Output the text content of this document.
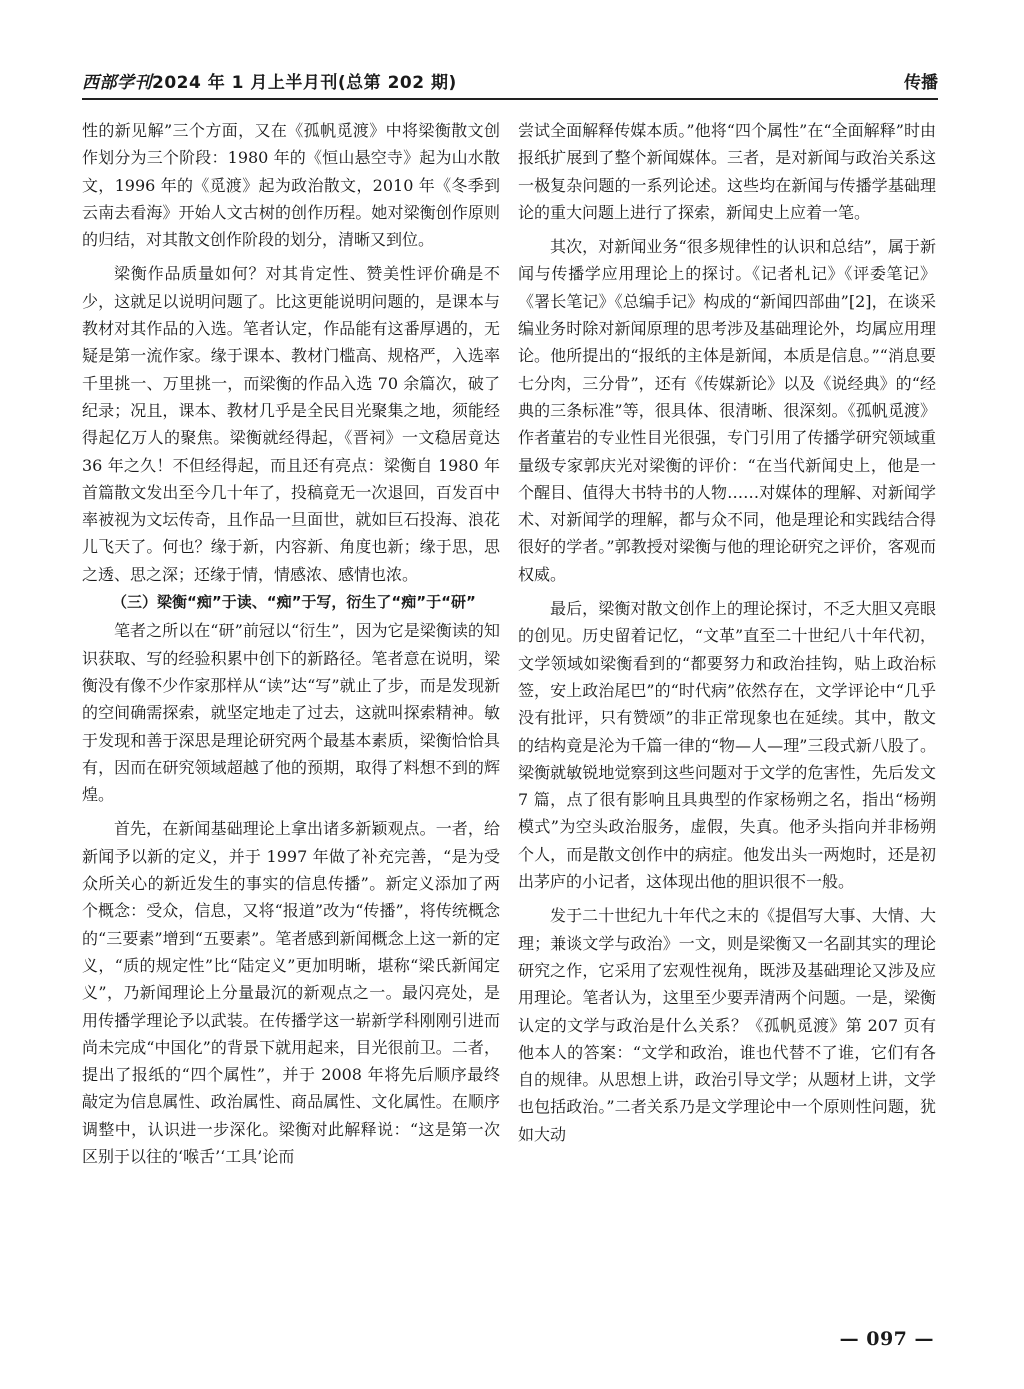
西部学刊2024 年 1 月上半月刊(总第 202 期)	传播

性的新见解”三个方面，又在《孤帆觅渡》中将梁衡散文创作划分为三个阶段：1980 年的《恒山悬空寺》起为山水散文，1996 年的《觅渡》起为政治散文，2010 年《冬季到云南去看海》开始人文古树的创作历程。她对梁衡创作原则的归结，对其散文创作阶段的划分，清晰又到位。

梁衡作品质量如何？对其肯定性、赞美性评价确是不少，这就足以说明问题了。比这更能说明问题的，是课本与教材对其作品的入选。笔者认定，作品能有这番厚遇的，无疑是第一流作家。缘于课本、教材门槛高、规格严，入选率千里挑一、万里挑一，而梁衡的作品入选 70 余篇次，破了纪录；况且，课本、教材几乎是全民目光聚集之地，须能经得起亿万人的聚焦。梁衡就经得起，《晋祠》一文稳居竟达 36 年之久！不但经得起，而且还有亮点：梁衡自 1980 年首篇散文发出至今几十年了，投稿竟无一次退回，百发百中率被视为文坛传奇，且作品一旦面世，就如巨石投海、浪花儿飞天了。何也？缘于新，内容新、角度也新；缘于思，思之透、思之深；还缘于情，情感浓、感情也浓。

（三）梁衡“痴”于读、“痴”于写，衍生了“痴”于“研”

笔者之所以在“研”前冠以“衍生”，因为它是梁衡读的知识获取、写的经验积累中创下的新路径。笔者意在说明，梁衡没有像不少作家那样从“读”达“写”就止了步，而是发现新的空间确需探索，就坚定地走了过去，这就叫探索精神。敏于发现和善于深思是理论研究两个最基本素质，梁衡恰恰具有，因而在研究领域超越了他的预期，取得了料想不到的辉煌。

首先，在新闻基础理论上拿出诸多新颖观点。一者，给新闻予以新的定义，并于 1997 年做了补充完善，“是为受众所关心的新近发生的事实的信息传播”。新定义添加了两个概念：受众，信息，又将“报道”改为“传播”，将传统概念的“三要素”增到“五要素”。笔者感到新闻概念上这一新的定义，“质的规定性”比“陆定义”更加明晰，堪称“梁氏新闻定义”，乃新闻理论上分量最沉的新观点之一。最闪亮处，是用传播学理论予以武装。在传播学这一崭新学科刚刚引进而尚未完成“中国化”的背景下就用起来，目光很前卫。二者，提出了报纸的“四个属性”，并于 2008 年将先后顺序最终敲定为信息属性、政治属性、商品属性、文化属性。在顺序调整中，认识进一步深化。梁衡对此解释说：“这是第一次区别于以往的‘喉舌’‘工具’论而

尝试全面解释传媒本质。”他将“四个属性”在“全面解释”时由报纸扩展到了整个新闻媒体。三者，是对新闻与政治关系这一极复杂问题的一系列论述。这些均在新闻与传播学基础理论的重大问题上进行了探索，新闻史上应着一笔。

其次，对新闻业务“很多规律性的认识和总结”，属于新闻与传播学应用理论上的探讨。《记者札记》《评委笔记》《署长笔记》《总编手记》构成的“新闻四部曲”[2]，在谈采编业务时除对新闻原理的思考涉及基础理论外，均属应用理论。他所提出的“报纸的主体是新闻，本质是信息。”“消息要七分肉，三分骨”，还有《传媒新论》以及《说经典》的“经典的三条标准”等，很具体、很清晰、很深刻。《孤帆觅渡》作者董岩的专业性目光很强，专门引用了传播学研究领域重量级专家郭庆光对梁衡的评价：“在当代新闻史上，他是一个醒目、值得大书特书的人物……对媒体的理解、对新闻学术、对新闻学的理解，都与众不同，他是理论和实践结合得很好的学者。”郭教授对梁衡与他的理论研究之评价，客观而权威。

最后，梁衡对散文创作上的理论探讨，不乏大胆又亮眼的创见。历史留着记忆，“文革”直至二十世纪八十年代初，文学领域如梁衡看到的“都要努力和政治挂钩，贴上政治标签，安上政治尾巴”的“时代病”依然存在，文学评论中“几乎没有批评，只有赞颂”的非正常现象也在延续。其中，散文的结构竟是沦为千篇一律的“物—人—理”三段式新八股了。梁衡就敏锐地觉察到这些问题对于文学的危害性，先后发文 7 篇，点了很有影响且具典型的作家杨朔之名，指出“杨朔模式”为空头政治服务，虚假，失真。他矛头指向并非杨朔个人，而是散文创作中的病症。他发出头一两炮时，还是初出茅庐的小记者，这体现出他的胆识很不一般。

发于二十世纪九十年代之末的《提倡写大事、大情、大理；兼谈文学与政治》一文，则是梁衡又一名副其实的理论研究之作，它采用了宏观性视角，既涉及基础理论又涉及应用理论。笔者认为，这里至少要弄清两个问题。一是，梁衡认定的文学与政治是什么关系？《孤帆觅渡》第 207 页有他本人的答案：“文学和政治，谁也代替不了谁，它们有各自的规律。从思想上讲，政治引导文学；从题材上讲，文学也包括政治。”二者关系乃是文学理论中一个原则性问题，犹如大动

— 097 —
